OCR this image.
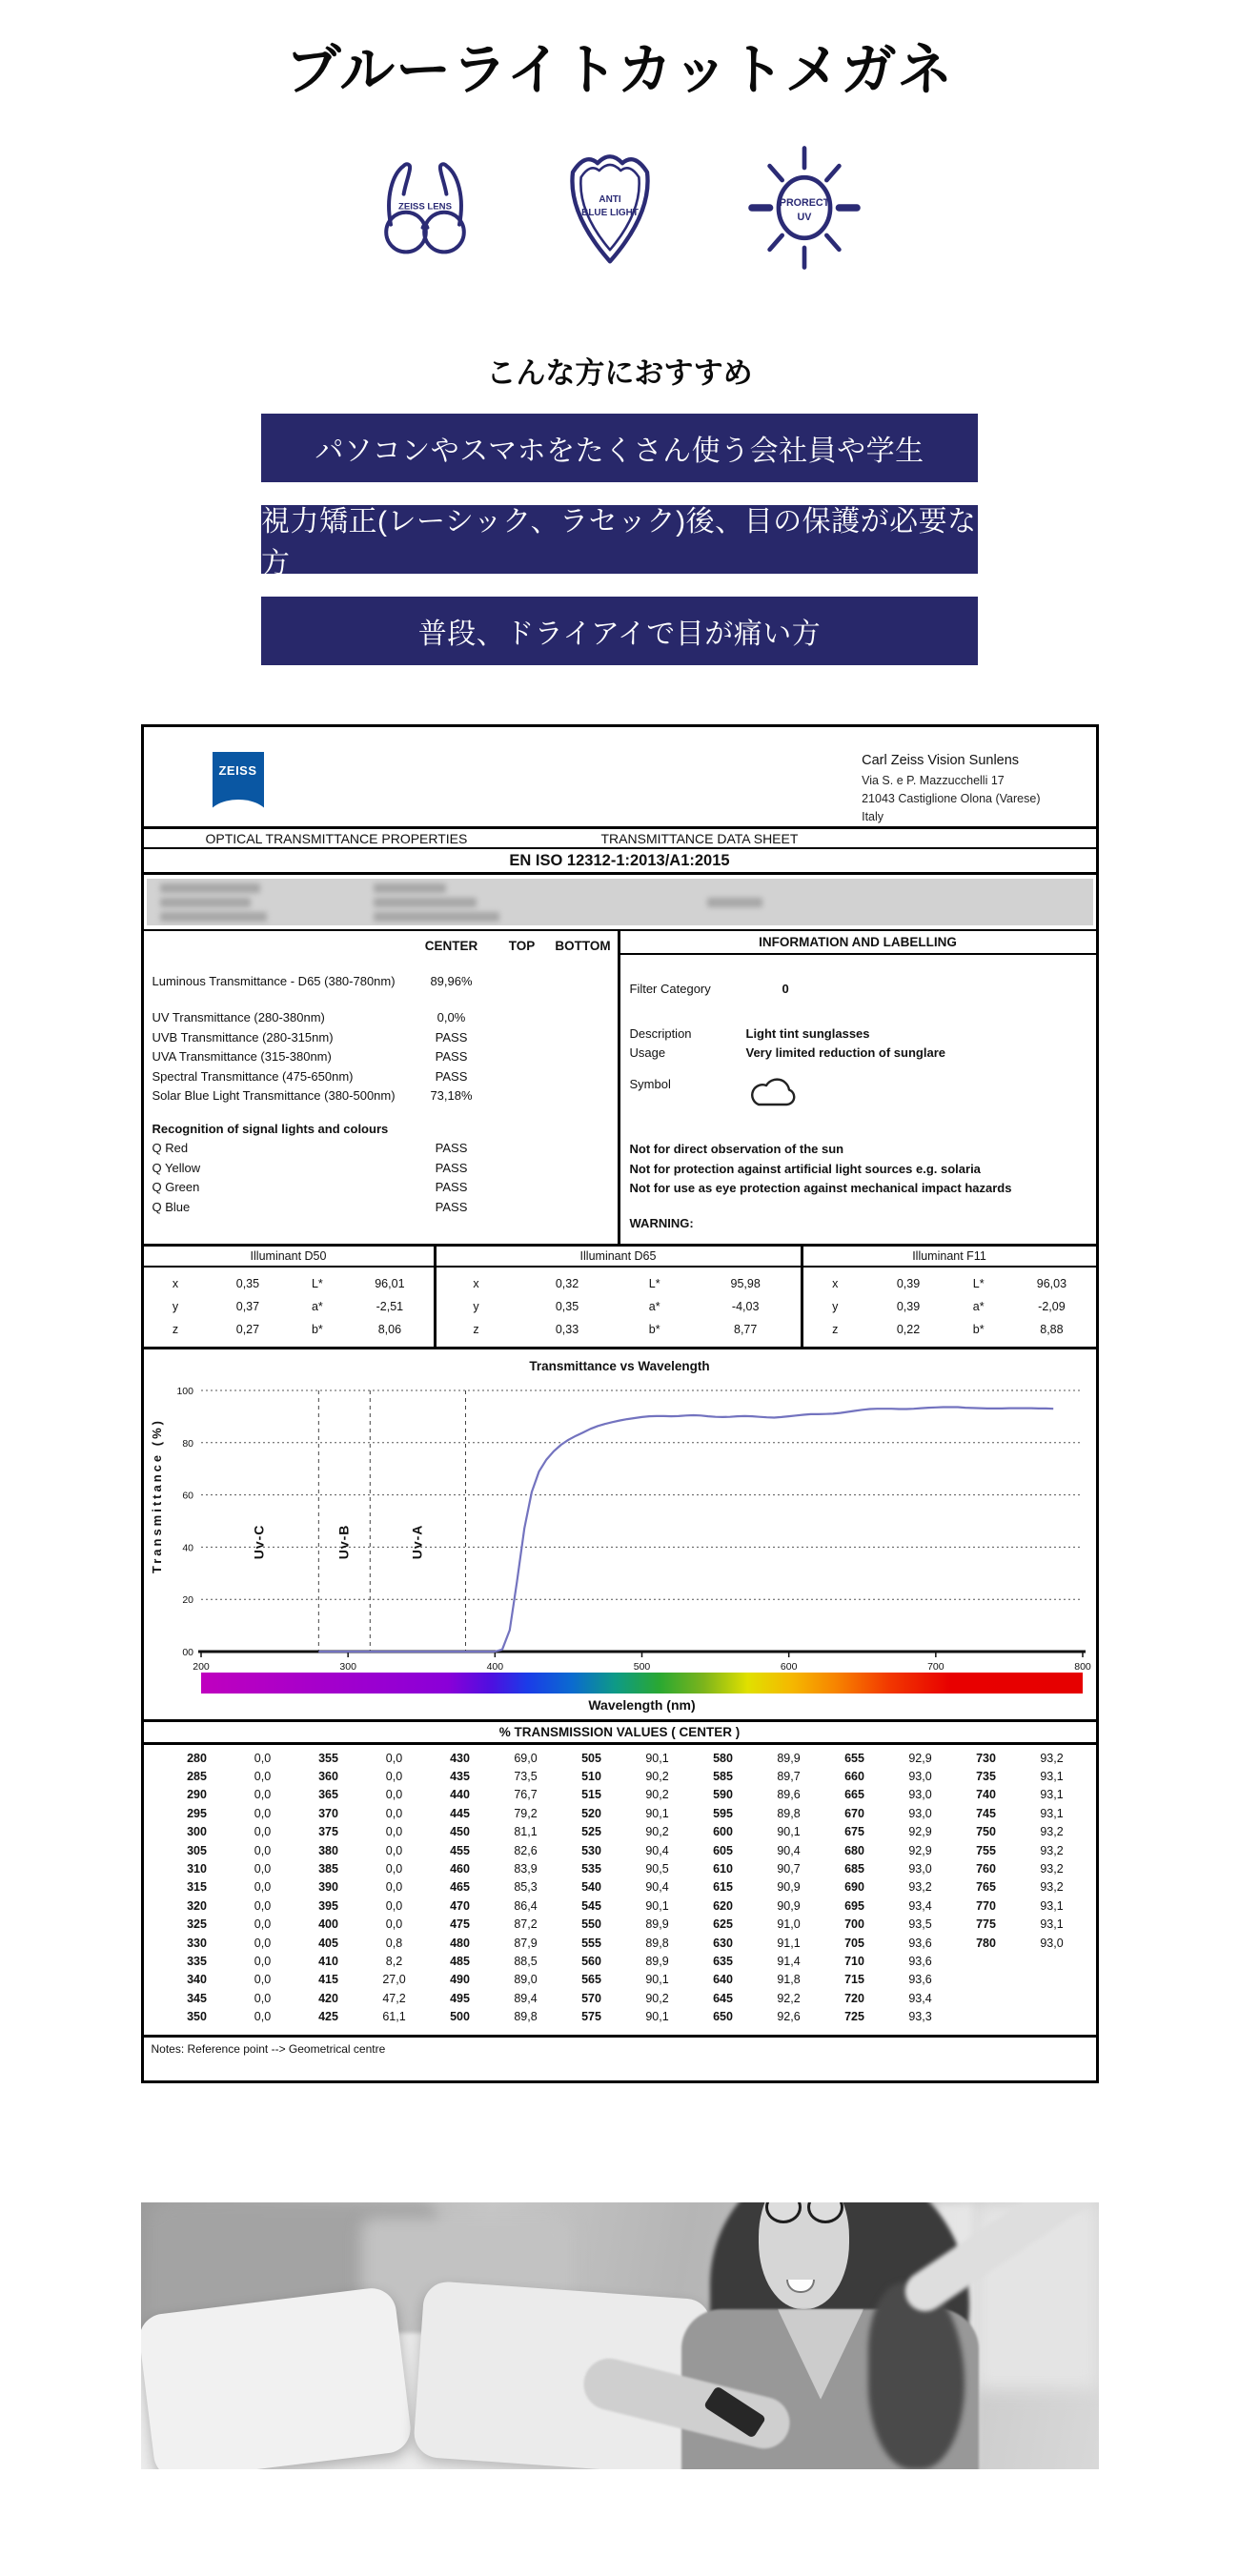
ブルーライトカットメガネ
ZEISS LENS
ANTI
BLUE LIGHT
PRORECT
UV
こんな方におすすめ
パソコンやスマホをたくさん使う会社員や学生
視力矯正(レーシック、ラセック)後、目の保護が必要な方
普段、ドライアイで目が痛い方
ZEISS
Carl Zeiss Vision Sunlens
Via S. e P. Mazzucchelli 17
21043 Castiglione Olona (Varese)
Italy
OPTICAL TRANSMITTANCE PROPERTIES	TRANSMITTANCE DATA SHEET
EN ISO 12312-1:2013/A1:2015
CENTER	TOP	BOTTOM
Luminous Transmittance - D65 (380-780nm)	89,96%
UV Transmittance (280-380nm)	0,0%
UVB Transmittance (280-315nm)	PASS
UVA Transmittance (315-380nm)	PASS
Spectral Transmittance (475-650nm)	PASS
Solar Blue Light Transmittance (380-500nm)	73,18%
Recognition of signal lights and colours
Q Red	PASS
Q Yellow	PASS
Q Green	PASS
Q Blue	PASS
INFORMATION AND LABELLING
Filter Category	0
Description	Light tint sunglasses
Usage	Very limited reduction of sunglare
Symbol
Not for direct observation of the sun
Not for protection against artificial light sources e.g. solaria
Not for use as eye protection against mechanical impact hazards
WARNING:
Illuminant D50
x	0,35	L*	96,01
y	0,37	a*	-2,51
z	0,27	b*	8,06
Illuminant D65
x	0,32	L*	95,98
y	0,35	a*	-4,03
z	0,33	b*	8,77
Illuminant F11
x	0,39	L*	96,03
y	0,39	a*	-2,09
z	0,22	b*	8,88
Transmittance vs Wavelength
00
20
40
60
80
100
Uv-C	Uv-B	Uv-A
200	300	400	500	600	700	800
Transmittance (%)
Wavelength (nm)
% TRANSMISSION VALUES ( CENTER )
280	0,0	355	0,0	430	69,0	505	90,1	580	89,9	655	92,9	730	93,2
285	0,0	360	0,0	435	73,5	510	90,2	585	89,7	660	93,0	735	93,1
290	0,0	365	0,0	440	76,7	515	90,2	590	89,6	665	93,0	740	93,1
295	0,0	370	0,0	445	79,2	520	90,1	595	89,8	670	93,0	745	93,1
300	0,0	375	0,0	450	81,1	525	90,2	600	90,1	675	92,9	750	93,2
305	0,0	380	0,0	455	82,6	530	90,4	605	90,4	680	92,9	755	93,2
310	0,0	385	0,0	460	83,9	535	90,5	610	90,7	685	93,0	760	93,2
315	0,0	390	0,0	465	85,3	540	90,4	615	90,9	690	93,2	765	93,2
320	0,0	395	0,0	470	86,4	545	90,1	620	90,9	695	93,4	770	93,1
325	0,0	400	0,0	475	87,2	550	89,9	625	91,0	700	93,5	775	93,1
330	0,0	405	0,8	480	87,9	555	89,8	630	91,1	705	93,6	780	93,0
335	0,0	410	8,2	485	88,5	560	89,9	635	91,4	710	93,6
340	0,0	415	27,0	490	89,0	565	90,1	640	91,8	715	93,6
345	0,0	420	47,2	495	89,4	570	90,2	645	92,2	720	93,4
350	0,0	425	61,1	500	89,8	575	90,1	650	92,6	725	93,3
Notes: Reference point --> Geometrical centre
